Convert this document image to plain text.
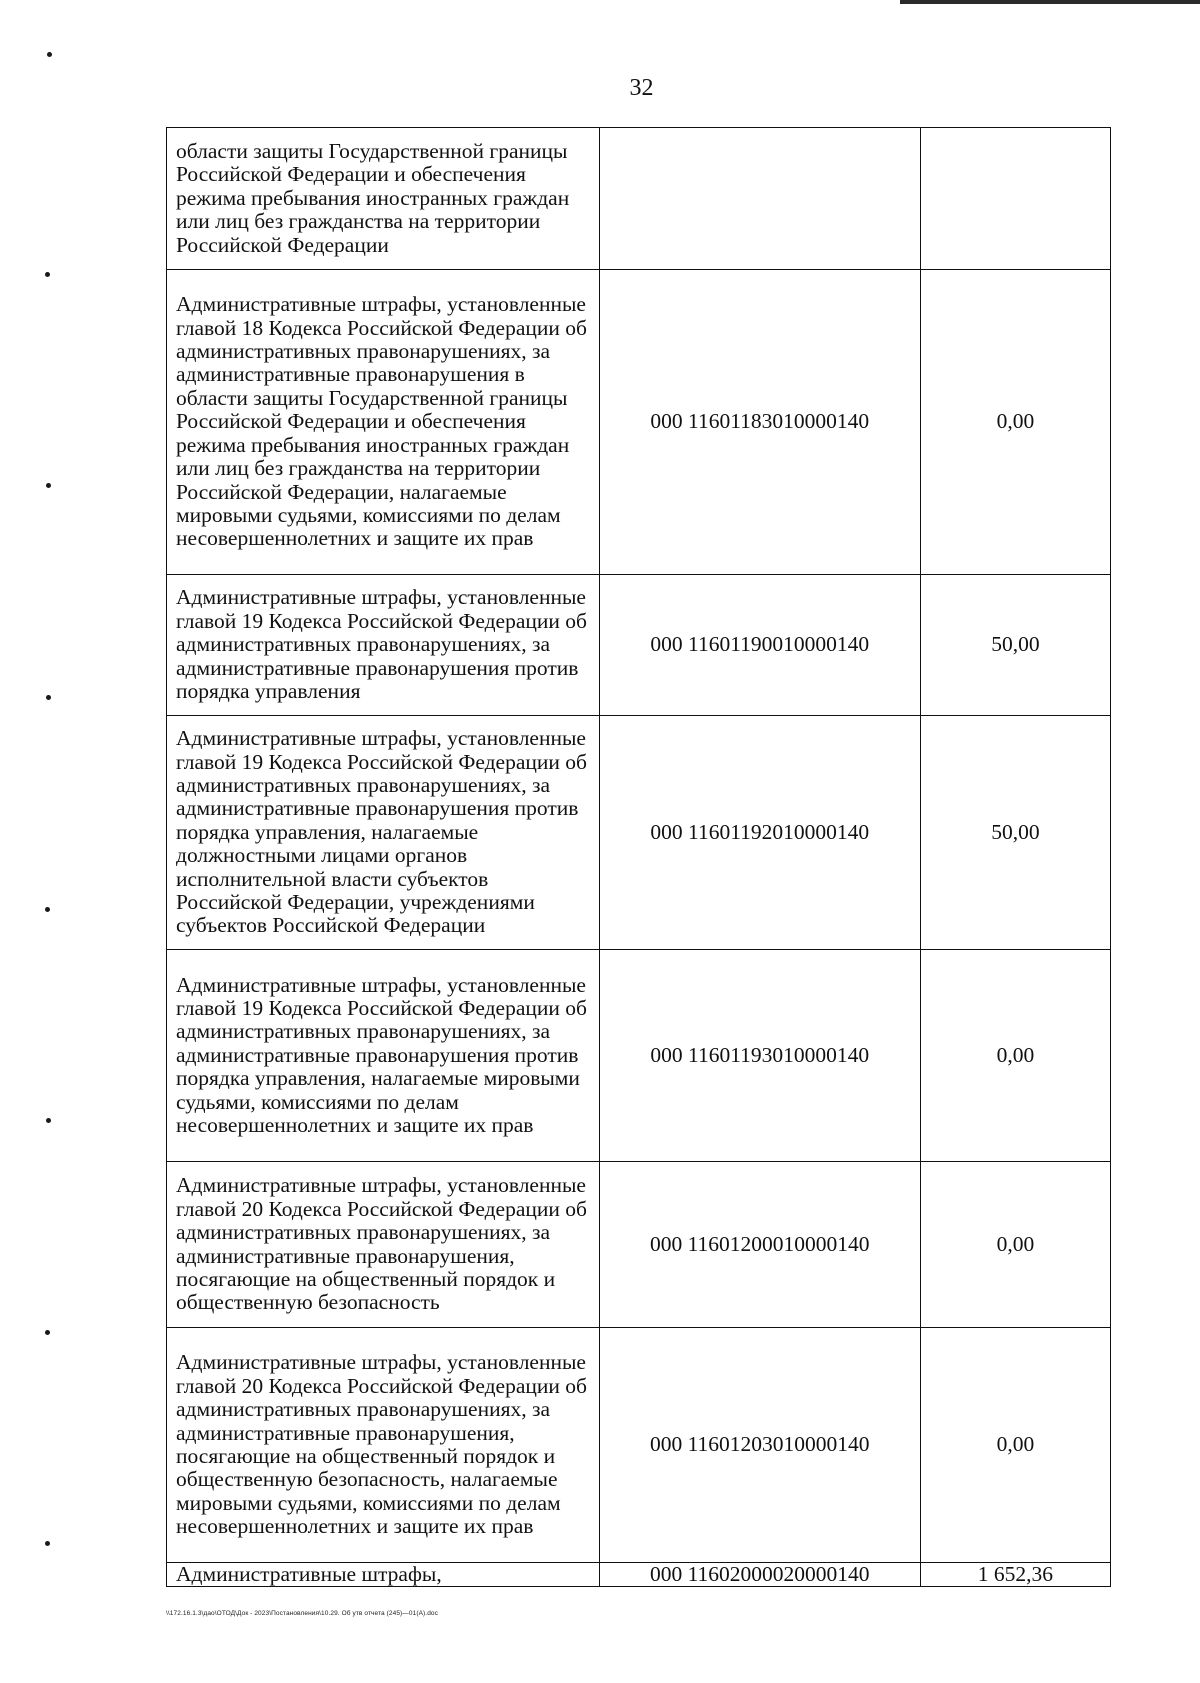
32
области защиты Государственной границы Российской Федерации и обеспечения режима пребывания иностранных граждан или лиц без гражданства на территории Российской Федерации		
Административные штрафы, установленные главой 18 Кодекса Российской Федерации об административных правонарушениях, за административные правонарушения в области защиты Государственной границы Российской Федерации и обеспечения режима пребывания иностранных граждан или лиц без гражданства на территории Российской Федерации, налагаемые мировыми судьями, комиссиями по делам несовершеннолетних и защите их прав	000 11601183010000140	0,00
Административные штрафы, установленные главой 19 Кодекса Российской Федерации об административных правонарушениях, за административные правонарушения против порядка управления	000 11601190010000140	50,00
Административные штрафы, установленные главой 19 Кодекса Российской Федерации об административных правонарушениях, за административные правонарушения против порядка управления, налагаемые должностными лицами органов исполнительной власти субъектов Российской Федерации, учреждениями субъектов Российской Федерации	000 11601192010000140	50,00
Административные штрафы, установленные главой 19 Кодекса Российской Федерации об административных правонарушениях, за административные правонарушения против порядка управления, налагаемые мировыми судьями, комиссиями по делам несовершеннолетних и защите их прав	000 11601193010000140	0,00
Административные штрафы, установленные главой 20 Кодекса Российской Федерации об административных правонарушениях, за административные правонарушения, посягающие на общественный порядок и общественную безопасность	000 11601200010000140	0,00
Административные штрафы, установленные главой 20 Кодекса Российской Федерации об административных правонарушениях, за административные правонарушения, посягающие на общественный порядок и общественную безопасность, налагаемые мировыми судьями, комиссиями по делам несовершеннолетних и защите их прав	000 11601203010000140	0,00
Административные штрафы,	000 11602000020000140	1 652,36
\\172.16.1.3\дао\ОТОД\Док - 2023\Постановления\10.29. Об утв отчета (245)—01(А).doc
